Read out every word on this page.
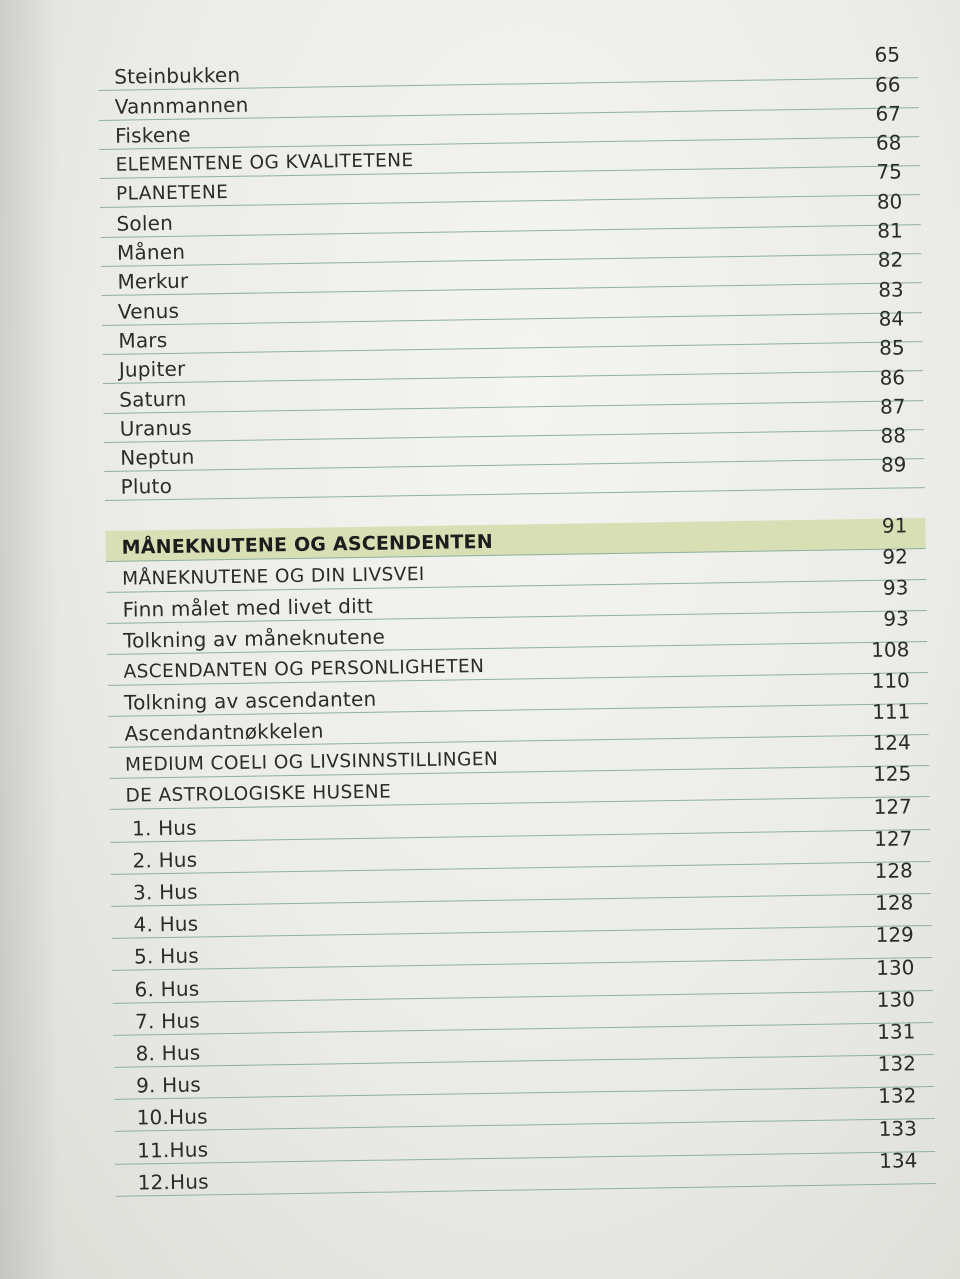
Steinbukken
65
Vannmannen
66
Fiskene
67
ELEMENTENE OG KVALITETENE
68
PLANETENE
75
Solen
80
Månen
81
Merkur
82
Venus
83
Mars
84
Jupiter
85
Saturn
86
Uranus
87
Neptun
88
Pluto
89
MÅNEKNUTENE OG ASCENDENTEN
91
MÅNEKNUTENE OG DIN LIVSVEI
92
Finn målet med livet ditt
93
Tolkning av måneknutene
93
ASCENDANTEN OG PERSONLIGHETEN
108
Tolkning av ascendanten
110
Ascendantnøkkelen
111
MEDIUM COELI OG LIVSINNSTILLINGEN
124
DE ASTROLOGISKE HUSENE
125
1. Hus
127
2. Hus
127
3. Hus
128
4. Hus
128
5. Hus
129
6. Hus
130
7. Hus
130
8. Hus
131
9. Hus
132
10.Hus
132
11.Hus
133
12.Hus
134
